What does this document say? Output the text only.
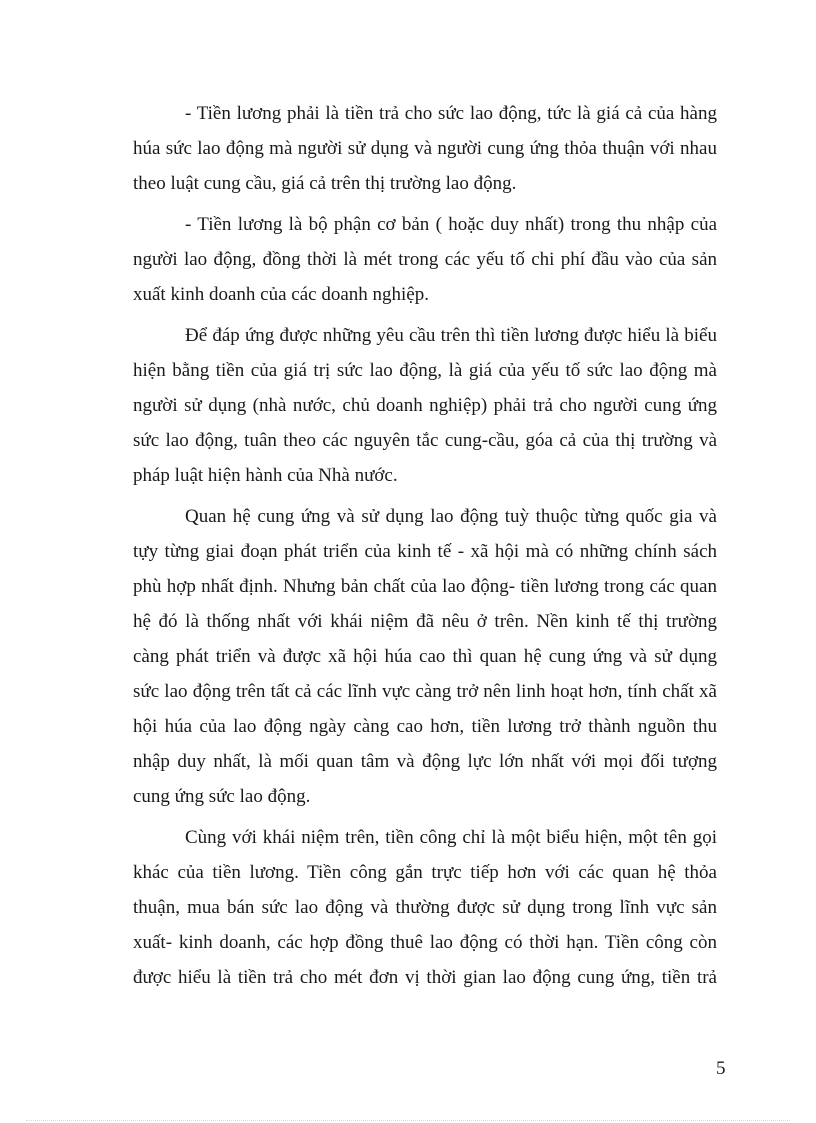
- Tiền lương phải là tiền trả cho sức lao động, tức là giá cả của hàng
húa sức lao động mà người sử dụng và người cung ứng thỏa thuận với nhau
theo luật cung cầu, giá cả trên thị trường lao động.
- Tiền lương là bộ phận cơ bản ( hoặc duy nhất) trong thu nhập của
người lao động, đồng thời là mét trong các yếu tố chi phí đầu vào của sản
xuất kinh doanh của các doanh nghiệp.
Để đáp ứng được những yêu cầu trên thì tiền lương được hiểu là biểu
hiện bằng tiền của giá trị sức lao động, là giá của yếu tố sức lao động mà
người sử dụng (nhà nước, chủ doanh nghiệp) phải trả cho người cung ứng
sức lao động, tuân theo các nguyên tắc cung-cầu, góa cả của thị trường và
pháp luật hiện hành của Nhà nước.
Quan hệ cung ứng và sử dụng lao động tuỳ thuộc từng quốc gia và
tựy từng giai đoạn phát triển của kinh tế - xã hội mà có những chính sách
phù hợp nhất định. Nhưng bản chất của lao động- tiền lương trong các quan
hệ đó là thống nhất với khái niệm đã nêu ở trên. Nền kinh tế thị trường
càng phát triển và được xã hội húa cao thì quan hệ cung ứng và sử dụng
sức lao động trên tất cả các lĩnh vực càng trở nên linh hoạt hơn, tính chất xã
hội húa của lao động ngày càng cao hơn, tiền lương trở thành nguồn thu
nhập duy nhất, là mối quan tâm và động lực lớn nhất với mọi đối tượng
cung ứng sức lao động.
Cùng với khái niệm trên, tiền công chỉ là một biểu hiện, một tên gọi
khác của tiền lương. Tiền công gắn trực tiếp hơn với các quan hệ thỏa
thuận, mua bán sức lao động và thường được sử dụng trong lĩnh vực sản
xuất- kinh doanh, các hợp đồng thuê lao động có thời hạn. Tiền công còn
được hiểu là tiền trả cho mét đơn vị thời gian lao động cung ứng, tiền trả
5
